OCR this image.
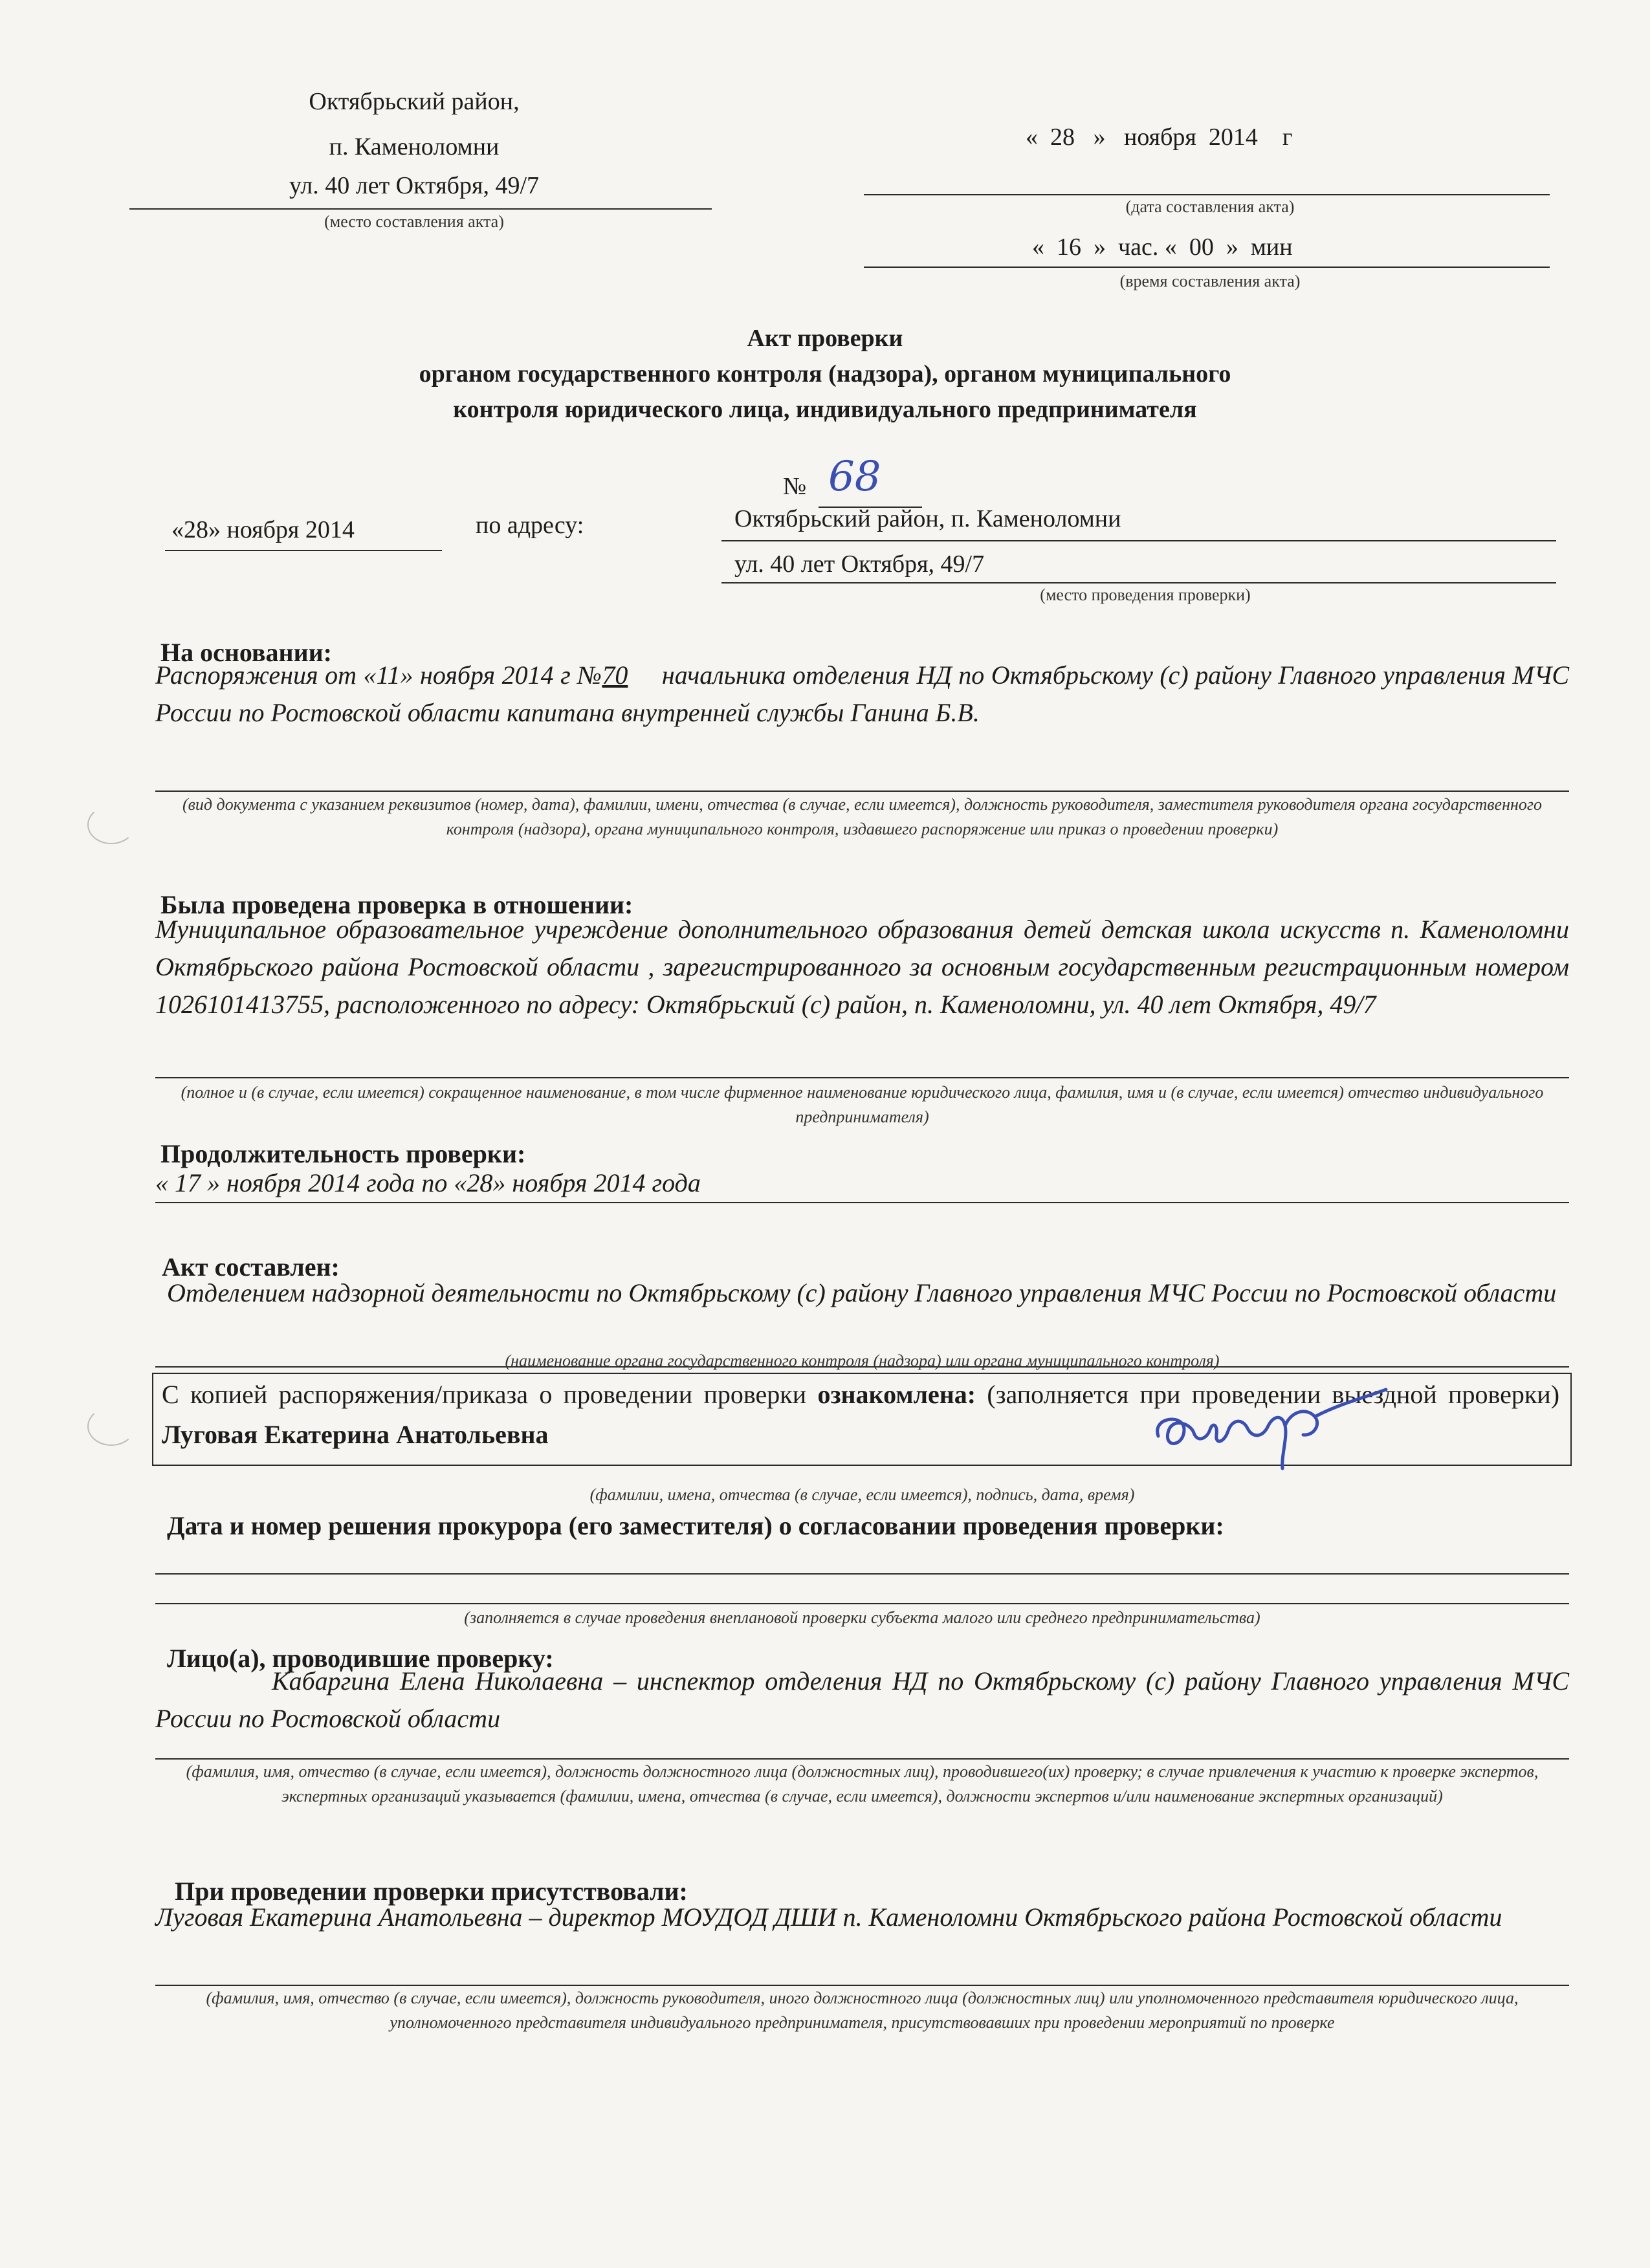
Октябрьский район,
п. Каменоломни
ул. 40 лет Октября, 49/7
(место составления акта)
«  28   »   ноября  2014    г
(дата составления акта)
«  16  »  час. «  00  »  мин
(время составления акта)
Акт проверки
органом государственного контроля (надзора), органом муниципального
контроля юридического лица, индивидуального предпринимателя
№ 68
«28» ноября 2014	по адресу:	Октябрьский район, п. Каменоломни
ул. 40 лет Октября, 49/7
(место проведения проверки)
На основании:
Распоряжения от «11» ноября 2014 г №70 начальника отделения НД по Октябрьскому (с) району Главного управления МЧС России по Ростовской области капитана внутренней службы Ганина Б.В.
(вид документа с указанием реквизитов (номер, дата), фамилии, имени, отчества (в случае, если имеется), должность руководителя, заместителя руководителя органа государственного контроля (надзора), органа муниципального контроля, издавшего распоряжение или приказ о проведении проверки)
Была проведена проверка в отношении:
Муниципальное образовательное учреждение дополнительного образования детей детская школа искусств п. Каменоломни Октябрьского района Ростовской области , зарегистрированного за основным государственным регистрационным номером 1026101413755, расположенного по адресу: Октябрьский (с) район, п. Каменоломни, ул. 40 лет Октября, 49/7
(полное и (в случае, если имеется) сокращенное наименование, в том числе фирменное наименование юридического лица, фамилия, имя и (в случае, если имеется) отчество индивидуального предпринимателя)
Продолжительность проверки:
« 17 » ноября 2014 года по «28» ноября 2014 года
Акт составлен:
Отделением надзорной деятельности по Октябрьскому (с) району Главного управления МЧС России по Ростовской области
(наименование органа государственного контроля (надзора) или органа муниципального контроля)
С копией распоряжения/приказа о проведении проверки ознакомлена: (заполняется при проведении выездной проверки) Луговая Екатерина Анатольевна
(фамилии, имена, отчества (в случае, если имеется), подпись, дата, время)
Дата и номер решения прокурора (его заместителя) о согласовании проведения проверки:
(заполняется в случае проведения внеплановой проверки субъекта малого или среднего предпринимательства)
Лицо(а), проводившие проверку:
Кабаргина Елена Николаевна – инспектор отделения НД по Октябрьскому (с) району Главного управления МЧС России по Ростовской области
(фамилия, имя, отчество (в случае, если имеется), должность должностного лица (должностных лиц), проводившего(их) проверку; в случае привлечения к участию к проверке экспертов, экспертных организаций указывается (фамилии, имена, отчества (в случае, если имеется), должности экспертов и/или наименование экспертных организаций)
При проведении проверки присутствовали:
Луговая Екатерина Анатольевна – директор МОУДОД ДШИ п. Каменоломни Октябрьского района Ростовской области
(фамилия, имя, отчество (в случае, если имеется), должность руководителя, иного должностного лица (должностных лиц) или уполномоченного представителя юридического лица, уполномоченного представителя индивидуального предпринимателя, присутствовавших при проведении мероприятий по проверке
